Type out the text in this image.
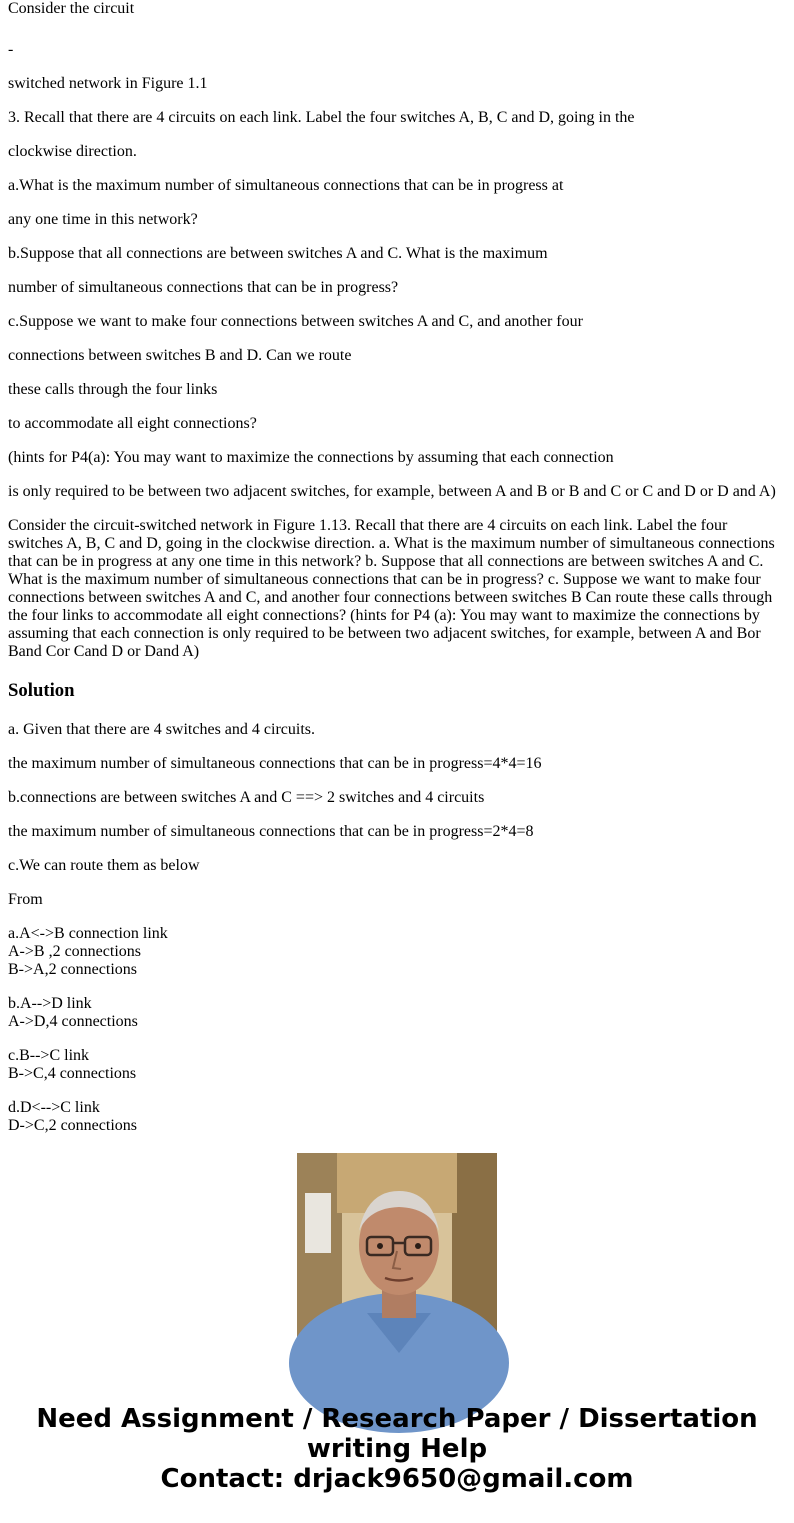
Consider the circuit

-

switched network in Figure 1.1

3. Recall that there are 4 circuits on each link. Label the four switches A, B, C and D, going in the

clockwise direction.

a.What is the maximum number of simultaneous connections that can be in progress at

any one time in this network?

b.Suppose that all connections are between switches A and C. What is the maximum

number of simultaneous connections that can be in progress?

c.Suppose we want to make four connections between switches A and C, and another four

connections between switches B and D. Can we route

these calls through the four links

to accommodate all eight connections?

(hints for P4(a): You may want to maximize the connections by assuming that each connection

is only required to be between two adjacent switches, for example, between A and B or B and C or C and D or D and A)

Consider the circuit-switched network in Figure 1.13. Recall that there are 4 circuits on each link. Label the four switches A, B, C and D, going in the clockwise direction. a. What is the maximum number of simultaneous connections that can be in progress at any one time in this network? b. Suppose that all connections are between switches A and C. What is the maximum number of simultaneous connections that can be in progress? c. Suppose we want to make four connections between switches A and C, and another four connections between switches B Can route these calls through the four links to accommodate all eight connections? (hints for P4 (a): You may want to maximize the connections by assuming that each connection is only required to be between two adjacent switches, for example, between A and Bor Band Cor Cand D or Dand A)

Solution

a. Given that there are 4 switches and 4 circuits.

the maximum number of simultaneous connections that can be in progress=4*4=16

b.connections are between switches A and C ==> 2 switches and 4 circuits

the maximum number of simultaneous connections that can be in progress=2*4=8

c.We can route them as below

From

a.A<->B connection link
A->B ,2 connections
B->A,2 connections

b.A-->D link
A->D,4 connections

c.B-->C link
B->C,4 connections

d.D<-->C link
D->C,2 connections

Need Assignment / Research Paper / Dissertation
writing Help
Contact: drjack9650@gmail.com
